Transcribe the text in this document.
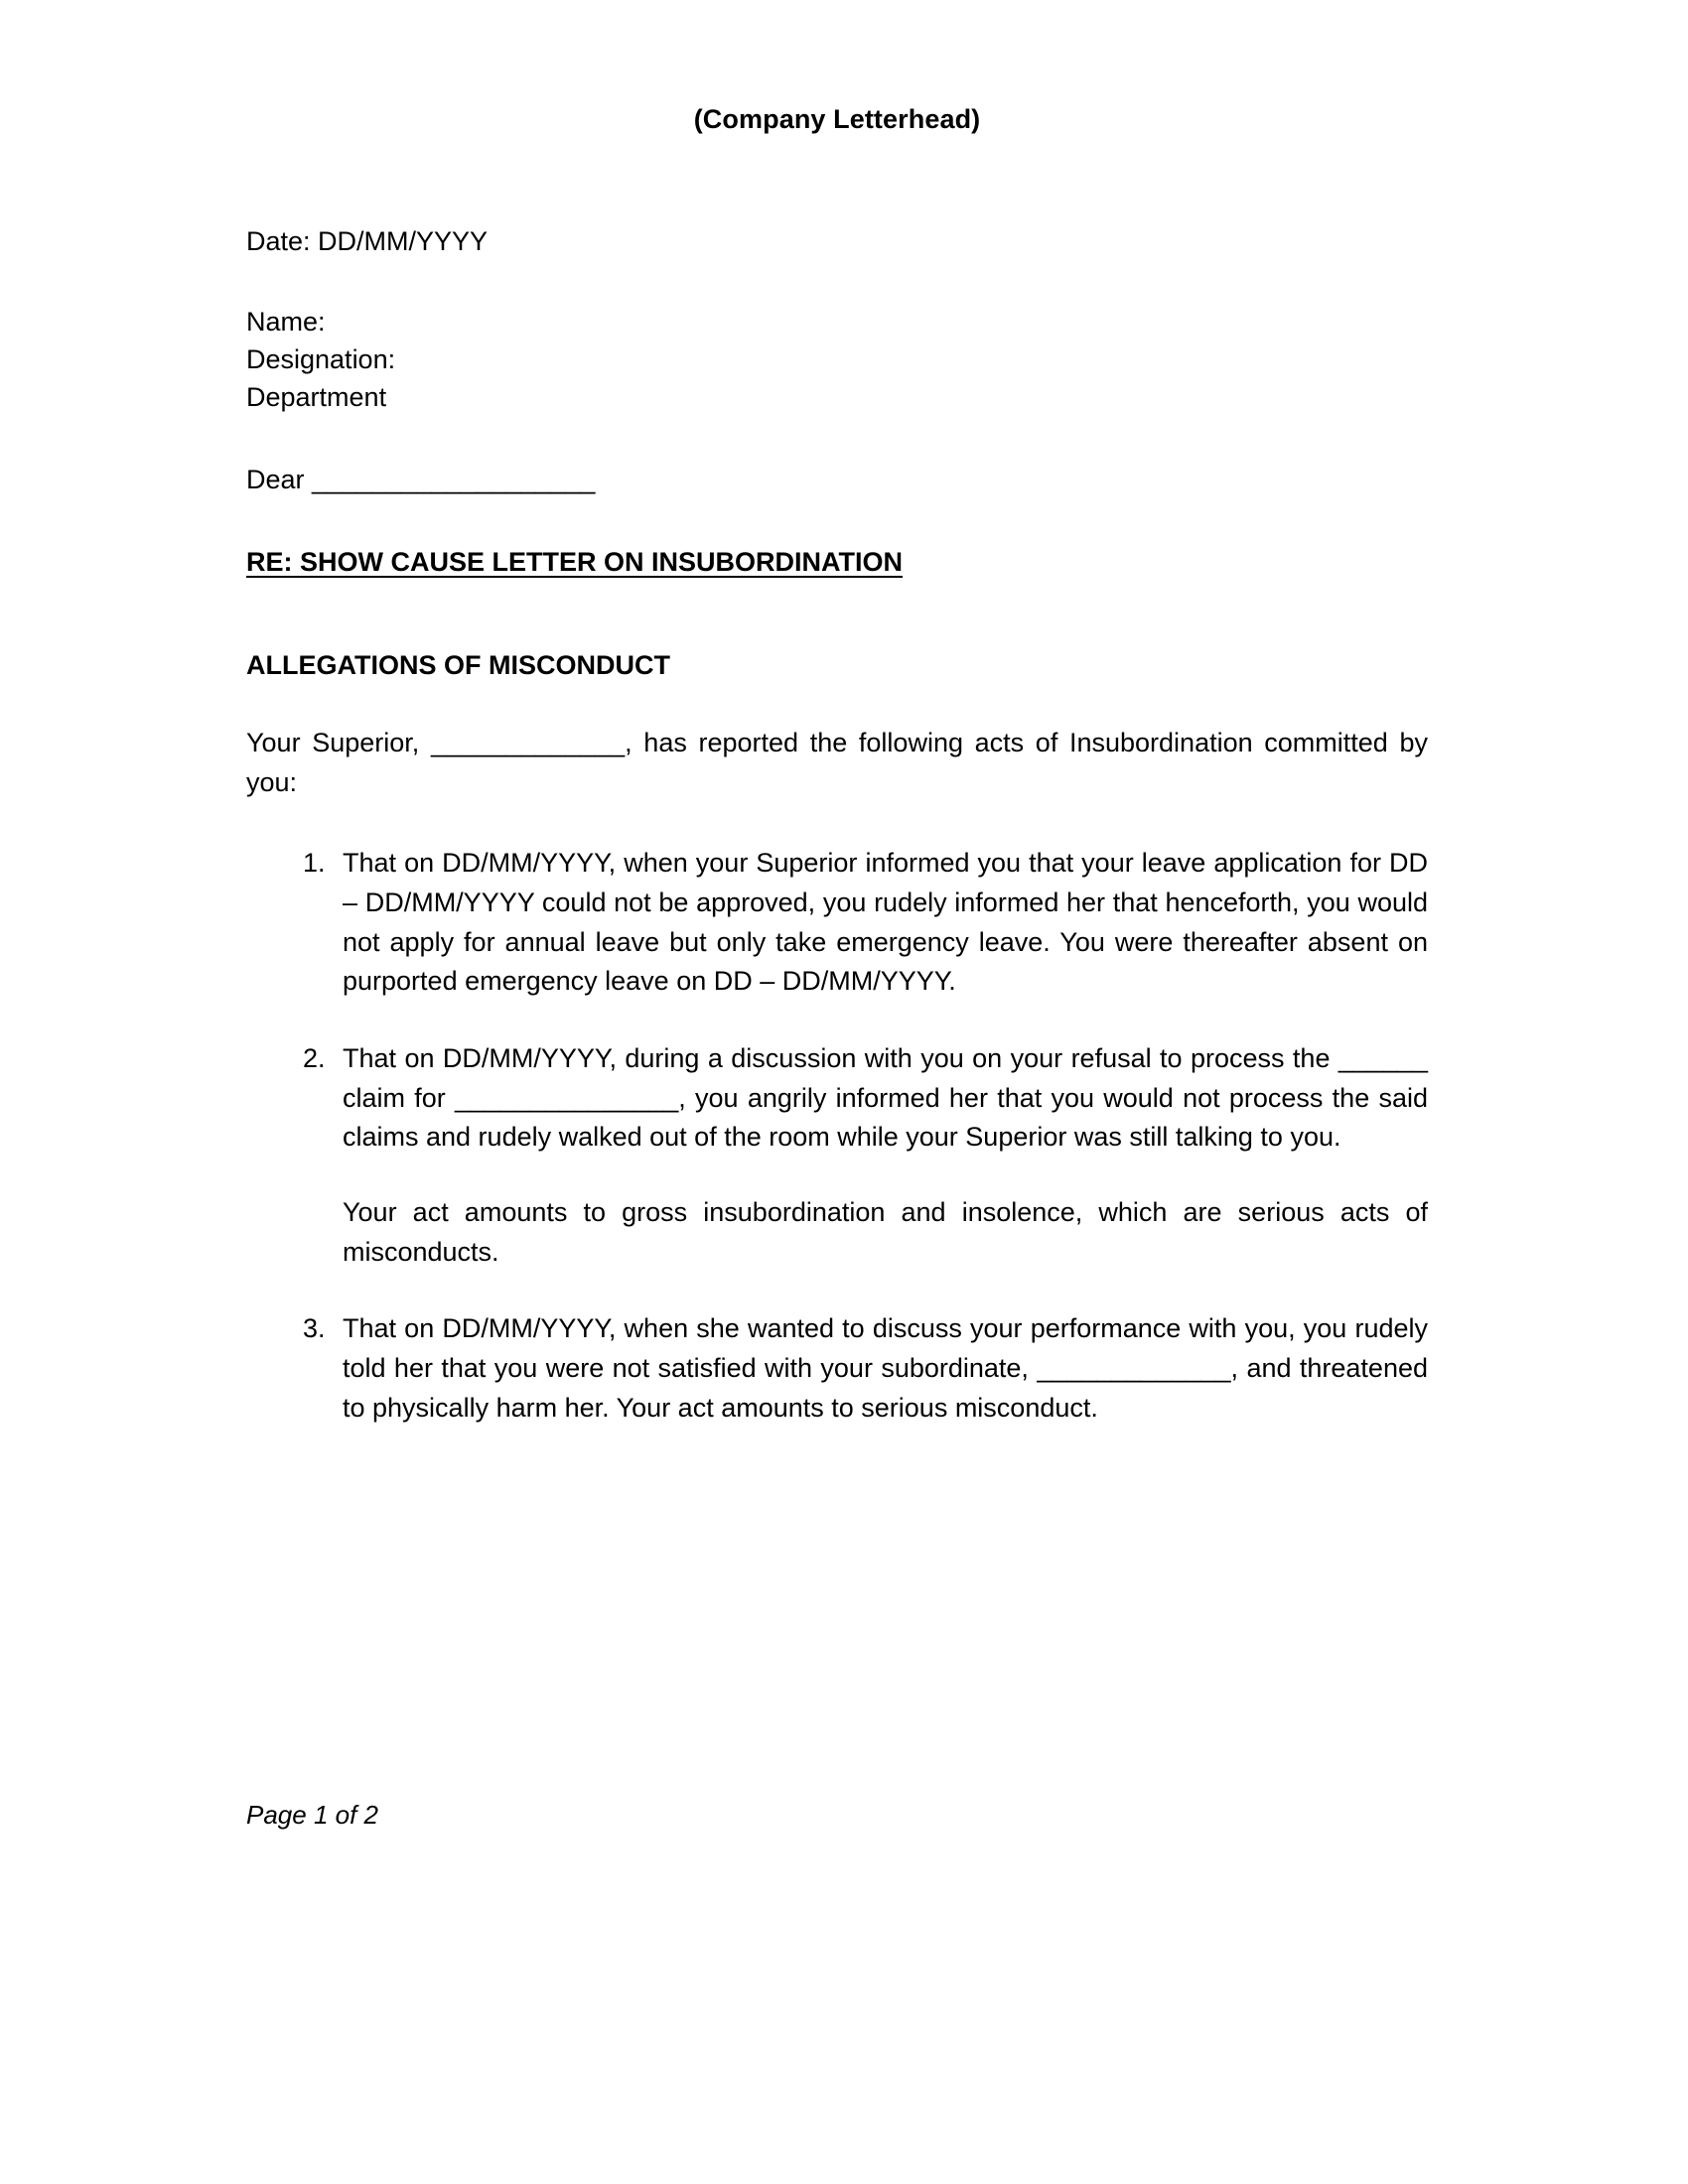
(Company Letterhead)
Date: DD/MM/YYYY
Name:
Designation:
Department
Dear ___________________
RE: SHOW CAUSE LETTER ON INSUBORDINATION
ALLEGATIONS OF MISCONDUCT
Your Superior, _____________, has reported the following acts of Insubordination committed by you:
1. That on DD/MM/YYYY, when your Superior informed you that your leave application for DD – DD/MM/YYYY could not be approved, you rudely informed her that henceforth, you would not apply for annual leave but only take emergency leave. You were thereafter absent on purported emergency leave on DD – DD/MM/YYYY.
2. That on DD/MM/YYYY, during a discussion with you on your refusal to process the ______ claim for _______________, you angrily informed her that you would not process the said claims and rudely walked out of the room while your Superior was still talking to you.
Your act amounts to gross insubordination and insolence, which are serious acts of misconducts.
3. That on DD/MM/YYYY, when she wanted to discuss your performance with you, you rudely told her that you were not satisfied with your subordinate, _____________, and threatened to physically harm her. Your act amounts to serious misconduct.
Page 1 of 2
